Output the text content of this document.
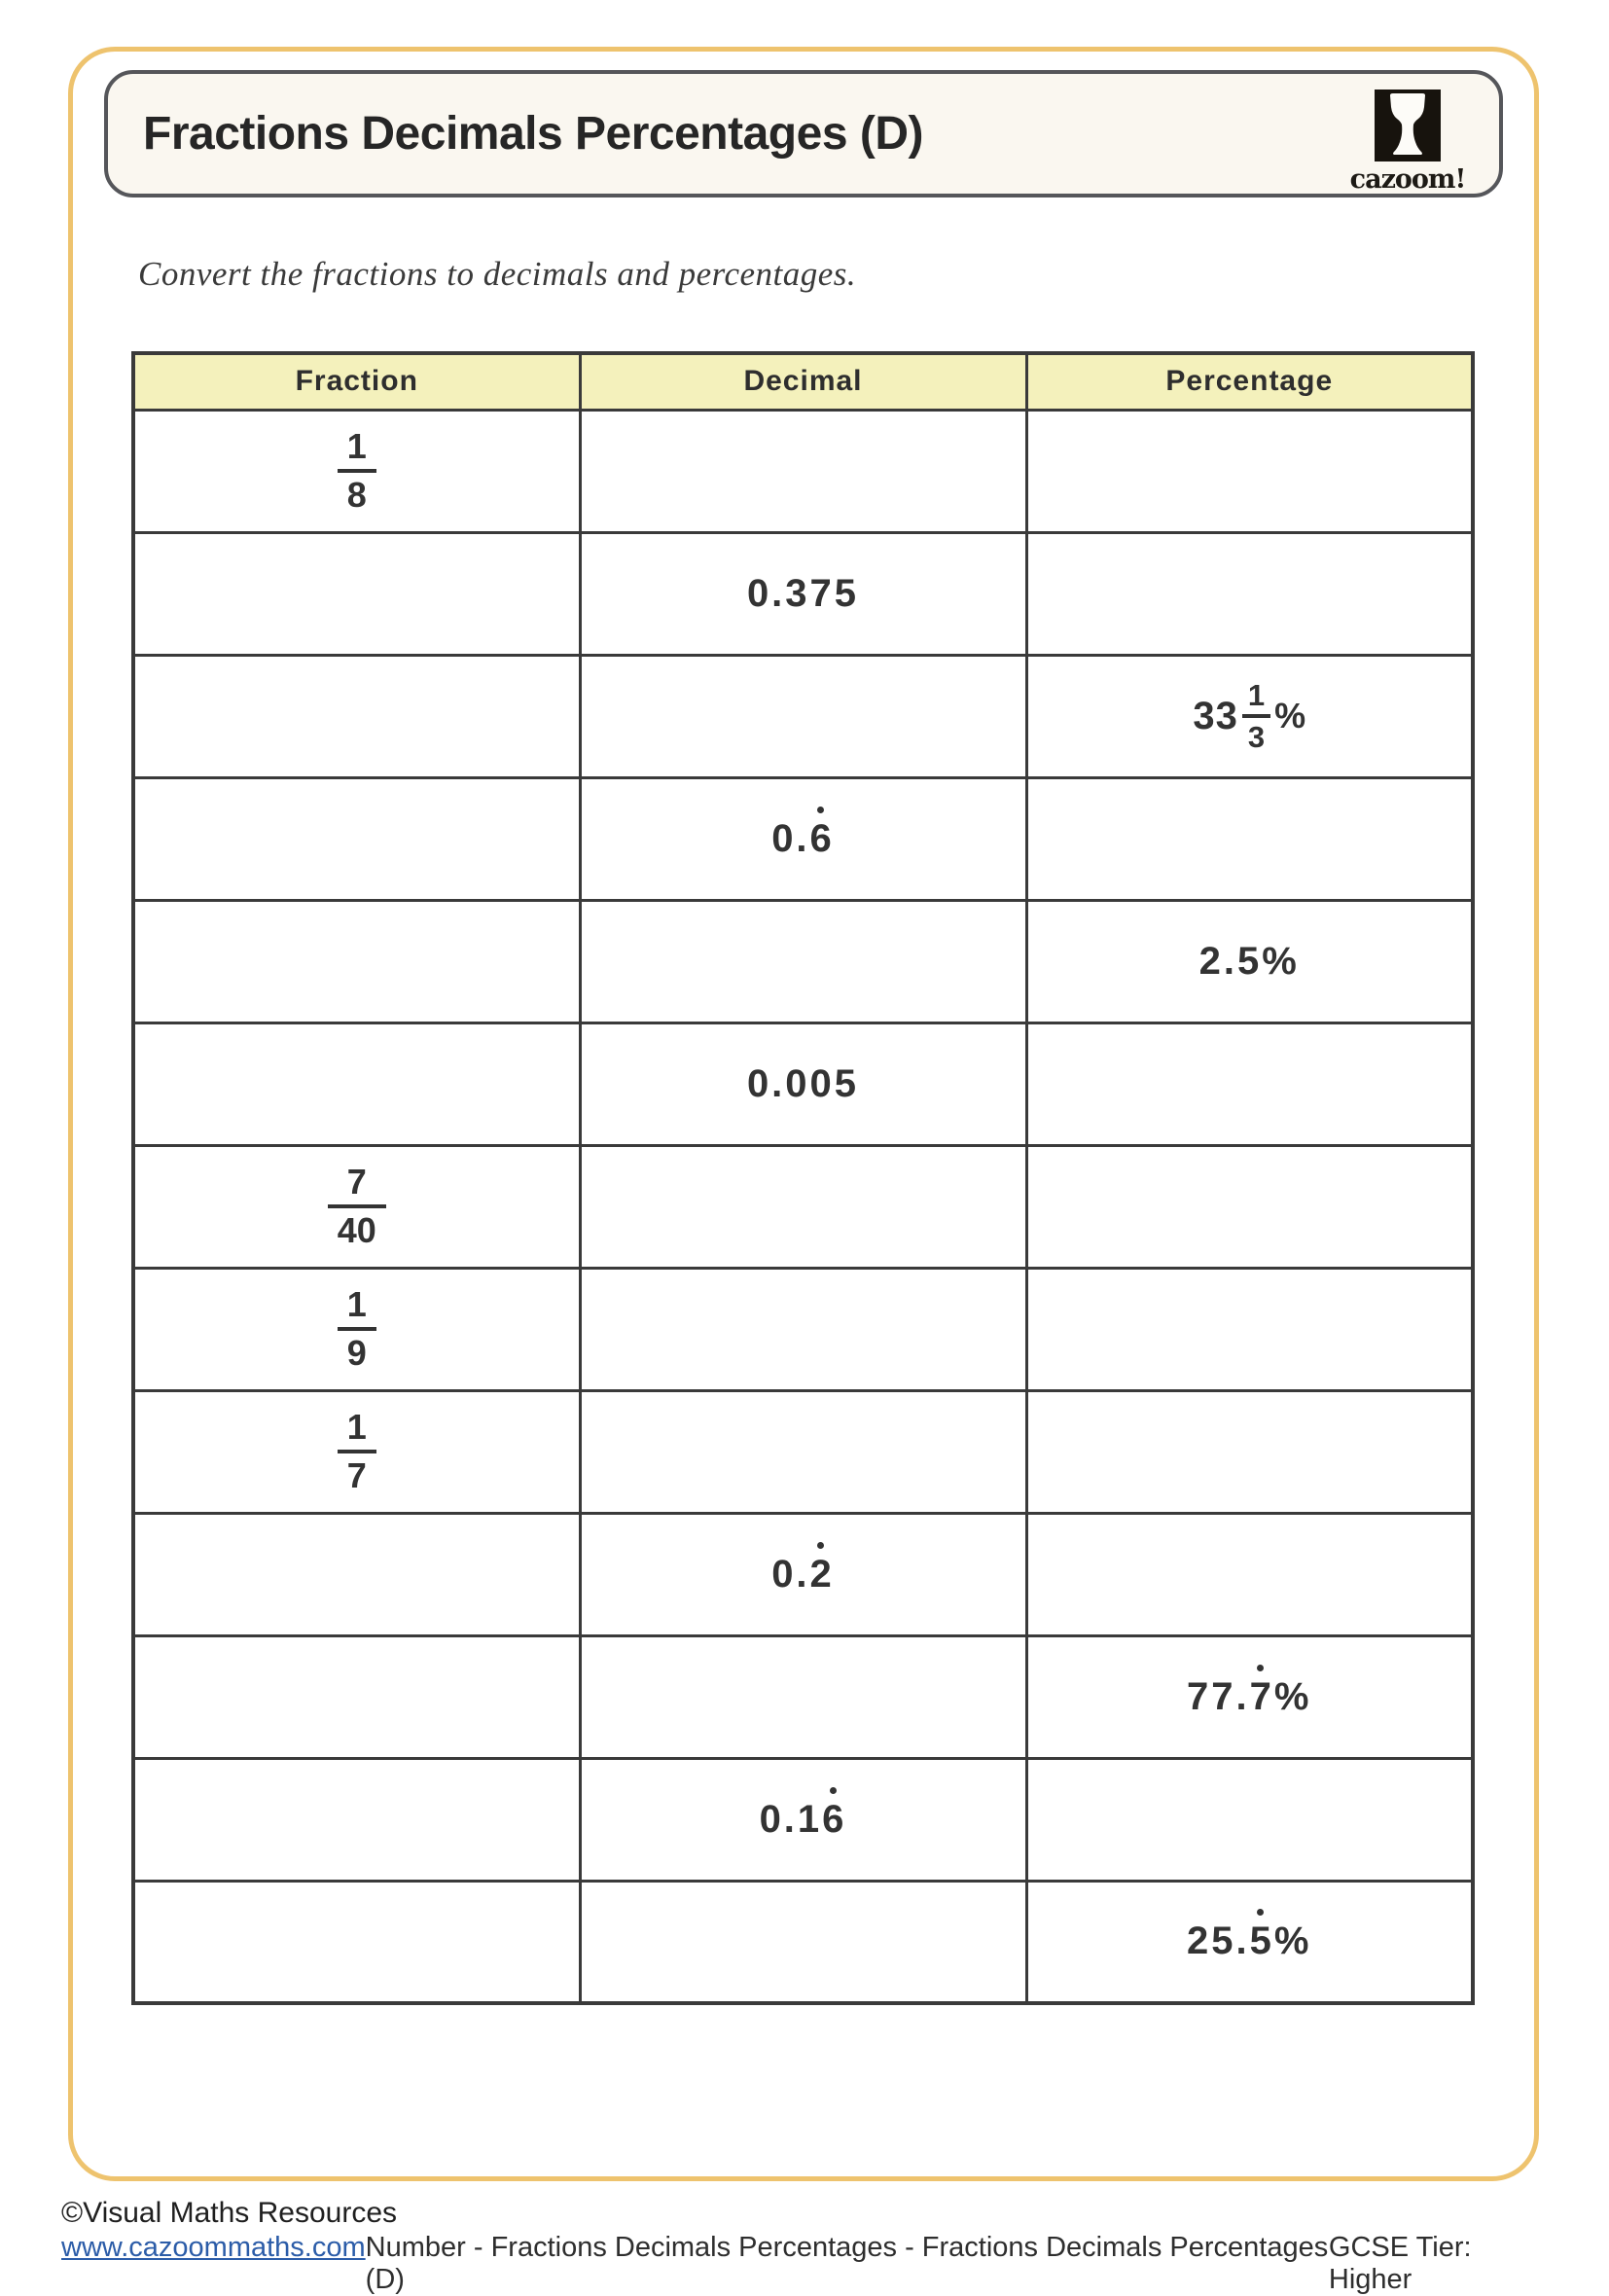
Fractions Decimals Percentages (D)
cazoom!

Convert the fractions to decimals and percentages.

Fraction	Decimal	Percentage

$\frac{1}{8}$

	0.375	

		$33 \frac{1}{3}$ %

	0.6	
		2.5%
	0.005	

$\frac{7}{40}$

$\frac{1}{9}$

$\frac{1}{7}$

	0.2	
		77.7%
	0.16	
		25.5%
©Visual Maths Resources
www.cazoommaths.com Number - Fractions Decimals Percentages - Fractions Decimals Percentages (D)
GCSE Tier: Higher
